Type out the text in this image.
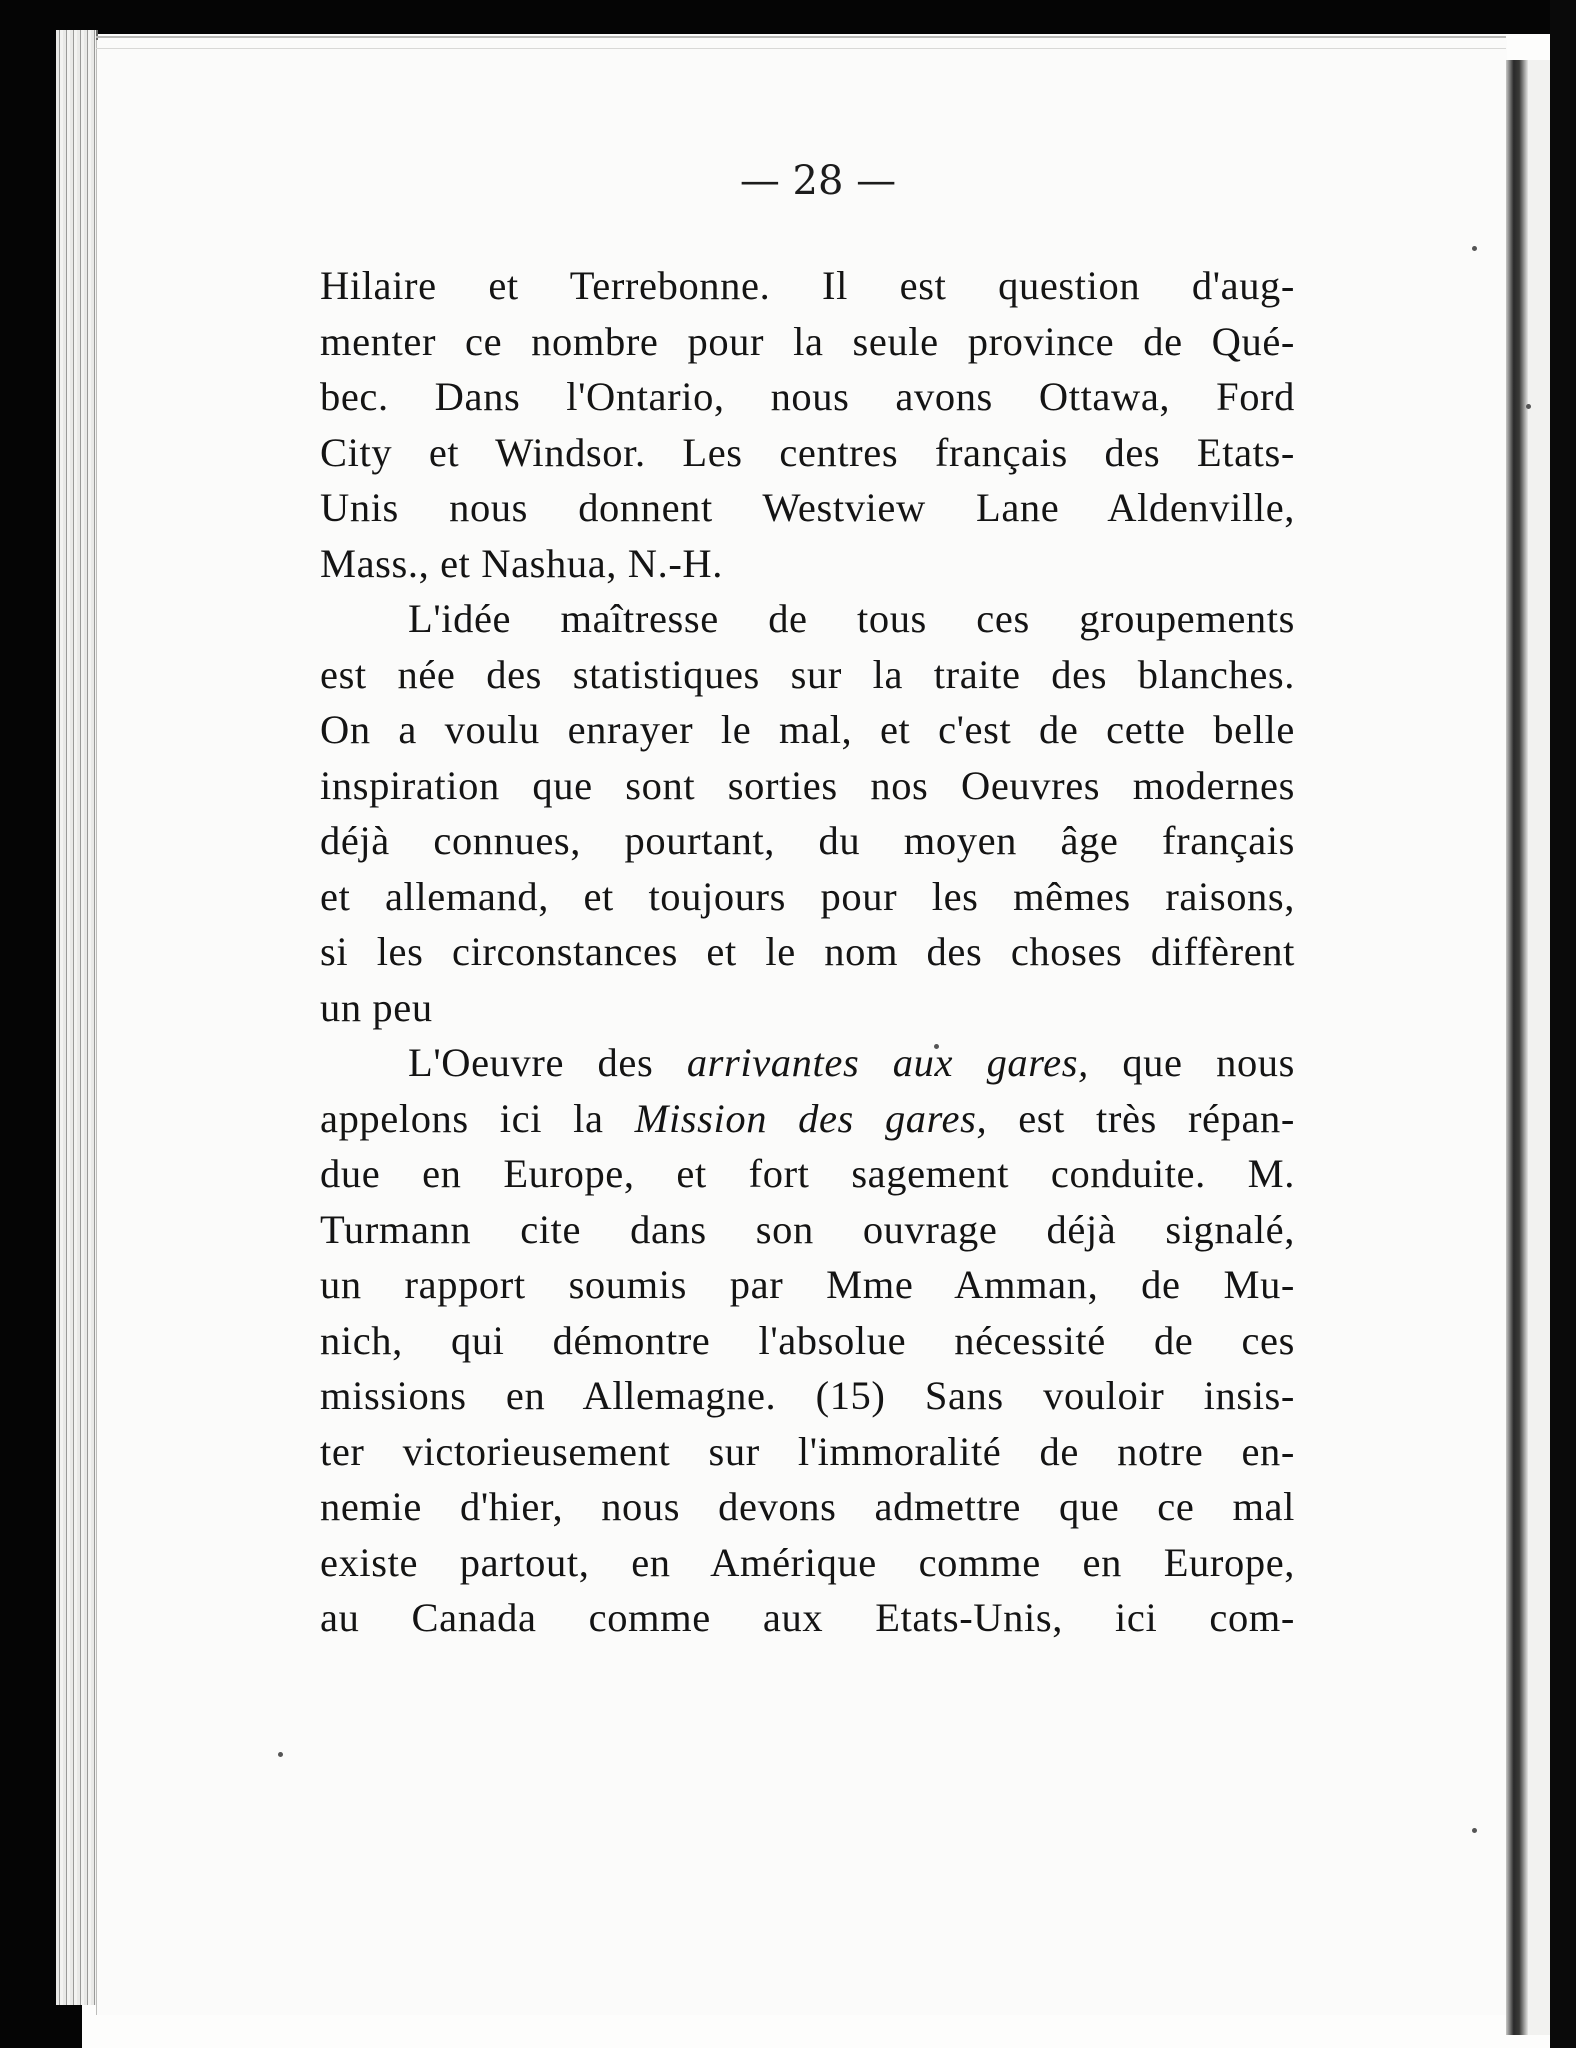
— 28 —
Hilaire et Terrebonne. Il est question d'aug-
menter ce nombre pour la seule province de Qué-
bec. Dans l'Ontario, nous avons Ottawa, Ford
City et Windsor. Les centres français des Etats-
Unis nous donnent Westview Lane Aldenville,
Mass., et Nashua, N.-H.
L'idée maîtresse de tous ces groupements
est née des statistiques sur la traite des blanches.
On a voulu enrayer le mal, et c'est de cette belle
inspiration que sont sorties nos Oeuvres modernes
déjà connues, pourtant, du moyen âge français
et allemand, et toujours pour les mêmes raisons,
si les circonstances et le nom des choses diffèrent
un peu
L'Oeuvre des arrivantes aux gares, que nous
appelons ici la Mission des gares, est très répan-
due en Europe, et fort sagement conduite. M.
Turmann cite dans son ouvrage déjà signalé,
un rapport soumis par Mme Amman, de Mu-
nich, qui démontre l'absolue nécessité de ces
missions en Allemagne. (15) Sans vouloir insis-
ter victorieusement sur l'immoralité de notre en-
nemie d'hier, nous devons admettre que ce mal
existe partout, en Amérique comme en Europe,
au Canada comme aux Etats-Unis, ici com-
